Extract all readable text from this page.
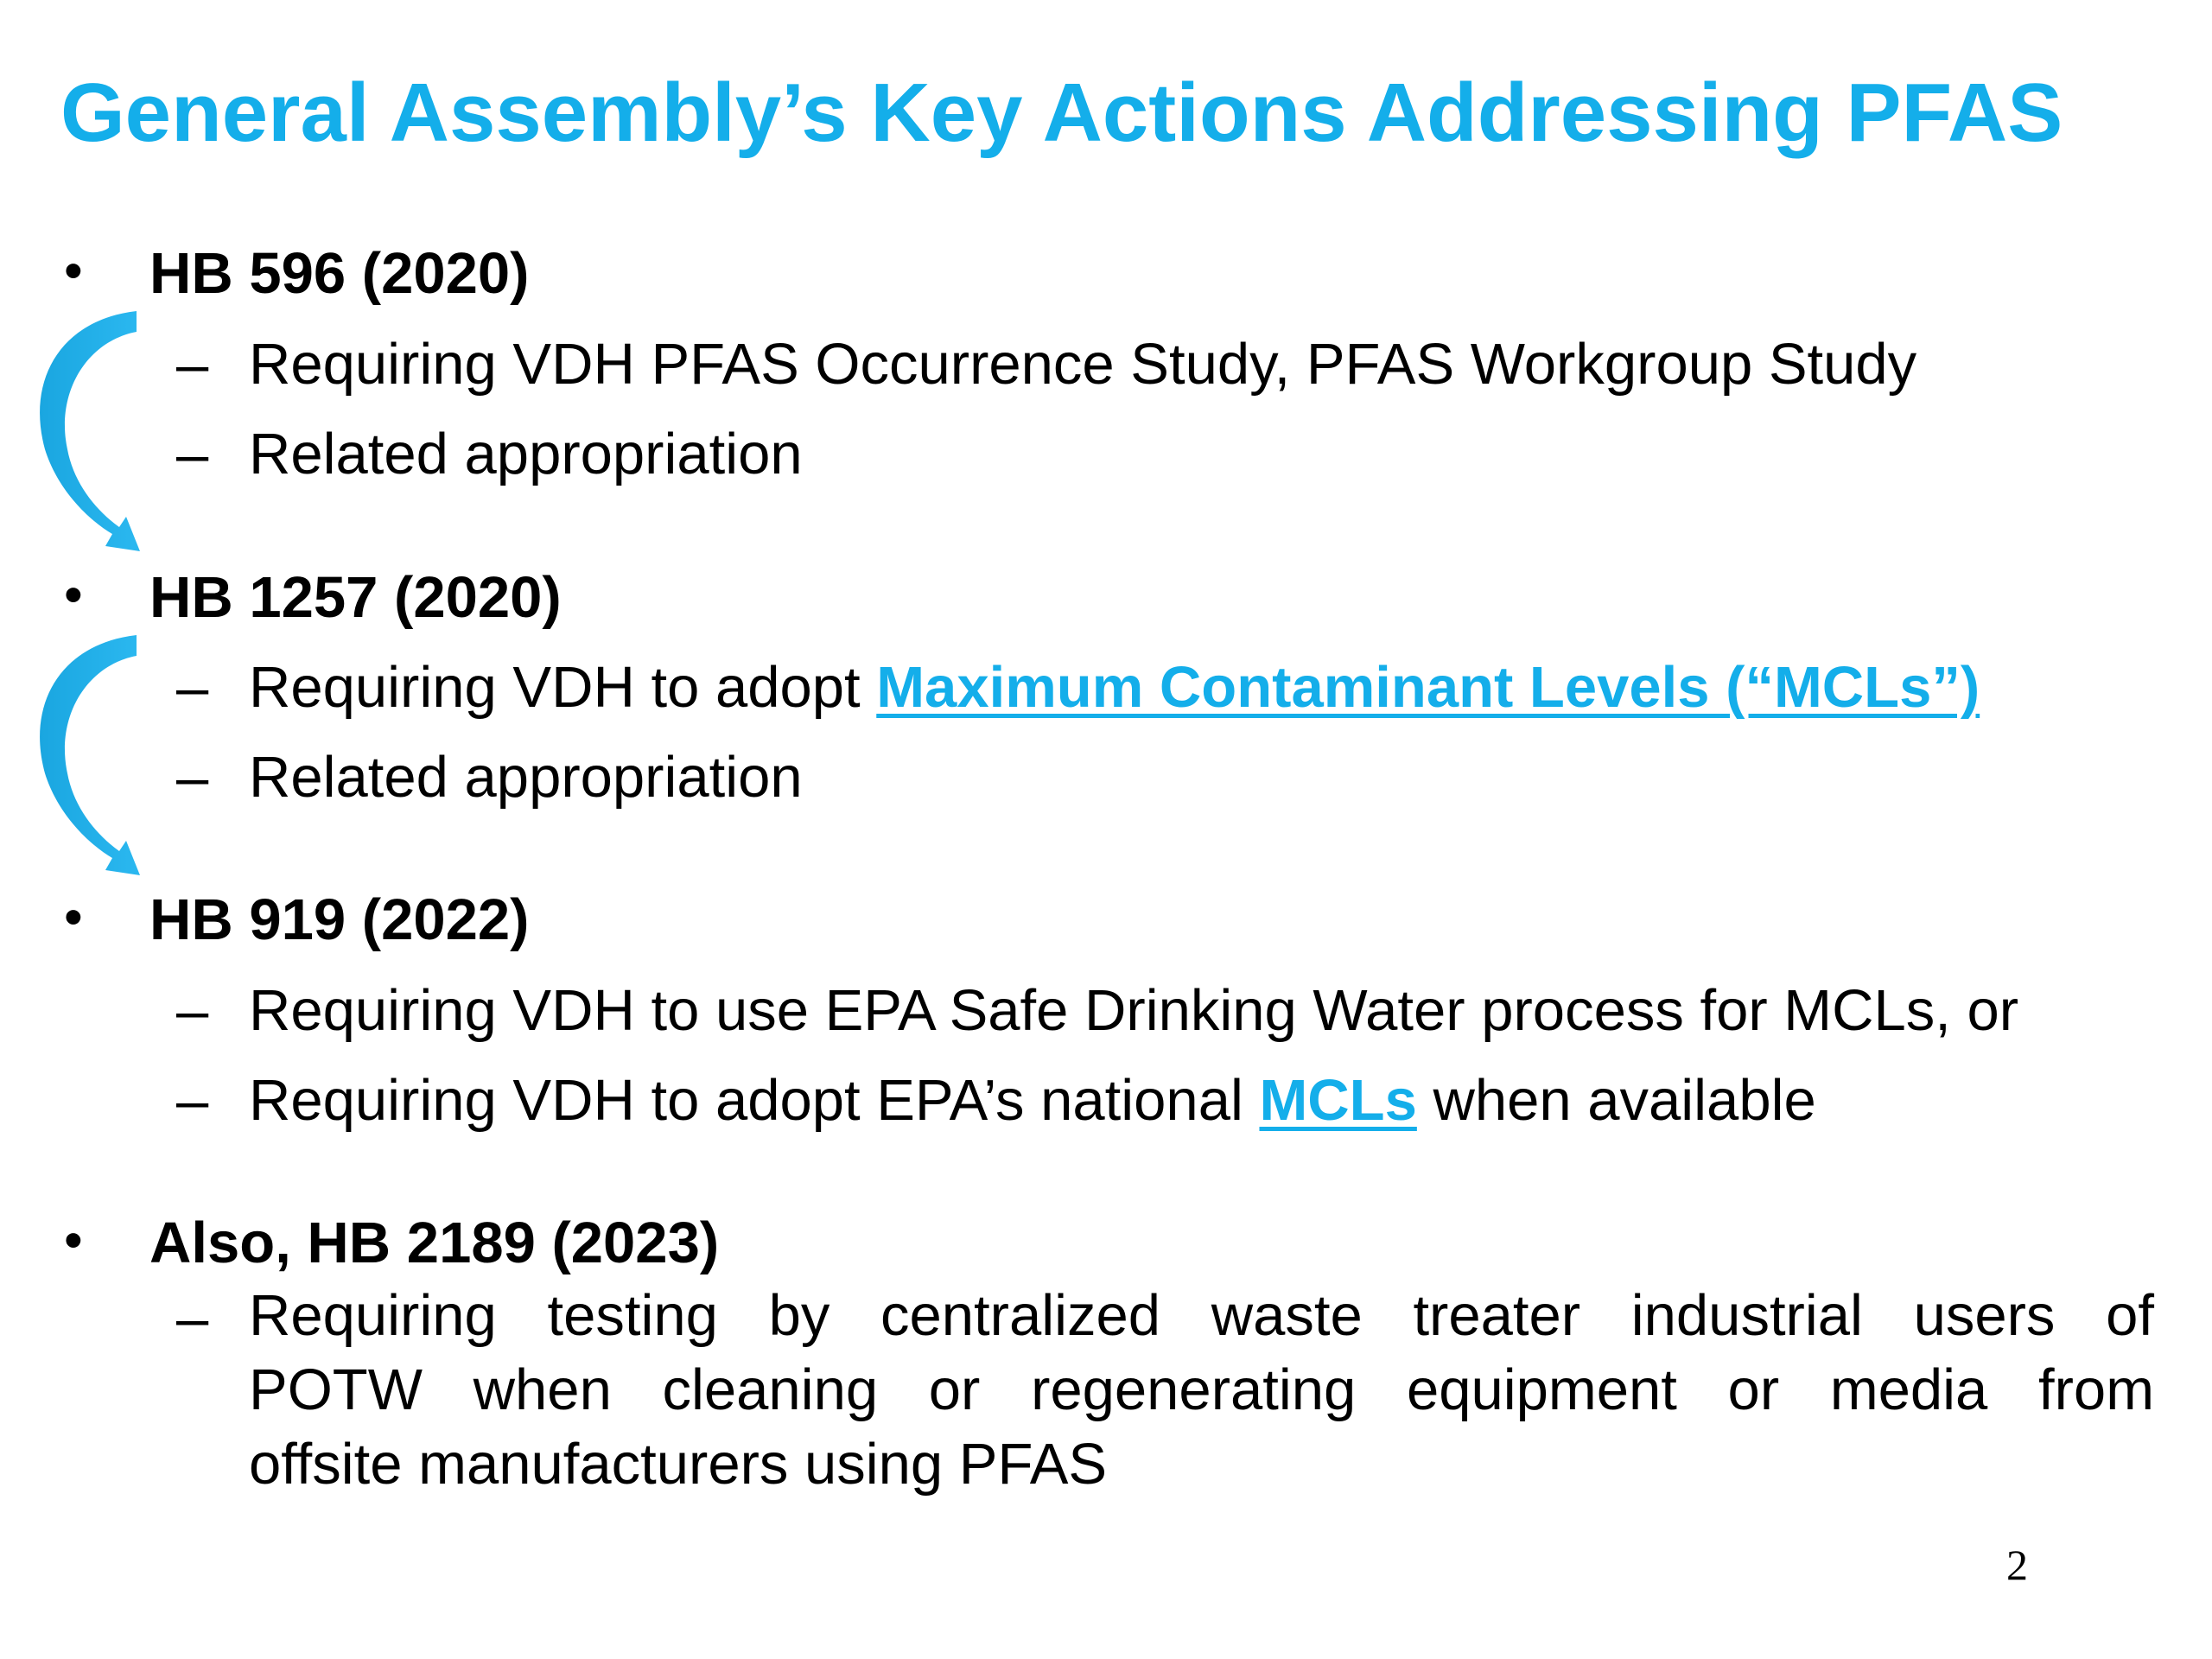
General Assembly’s Key Actions Addressing PFAS
• HB 596 (2020)
– Requiring VDH PFAS Occurrence Study, PFAS Workgroup Study
– Related appropriation
• HB 1257 (2020)
– Requiring VDH to adopt Maximum Contaminant Levels (“MCLs”)
– Related appropriation
• HB 919 (2022)
– Requiring VDH to use EPA Safe Drinking Water process for MCLs, or
– Requiring VDH to adopt EPA’s national MCLs when available
• Also, HB 2189 (2023)
– Requiring testing by centralized waste treater industrial users of
POTW when cleaning or regenerating equipment or media from
offsite manufacturers using PFAS
2
